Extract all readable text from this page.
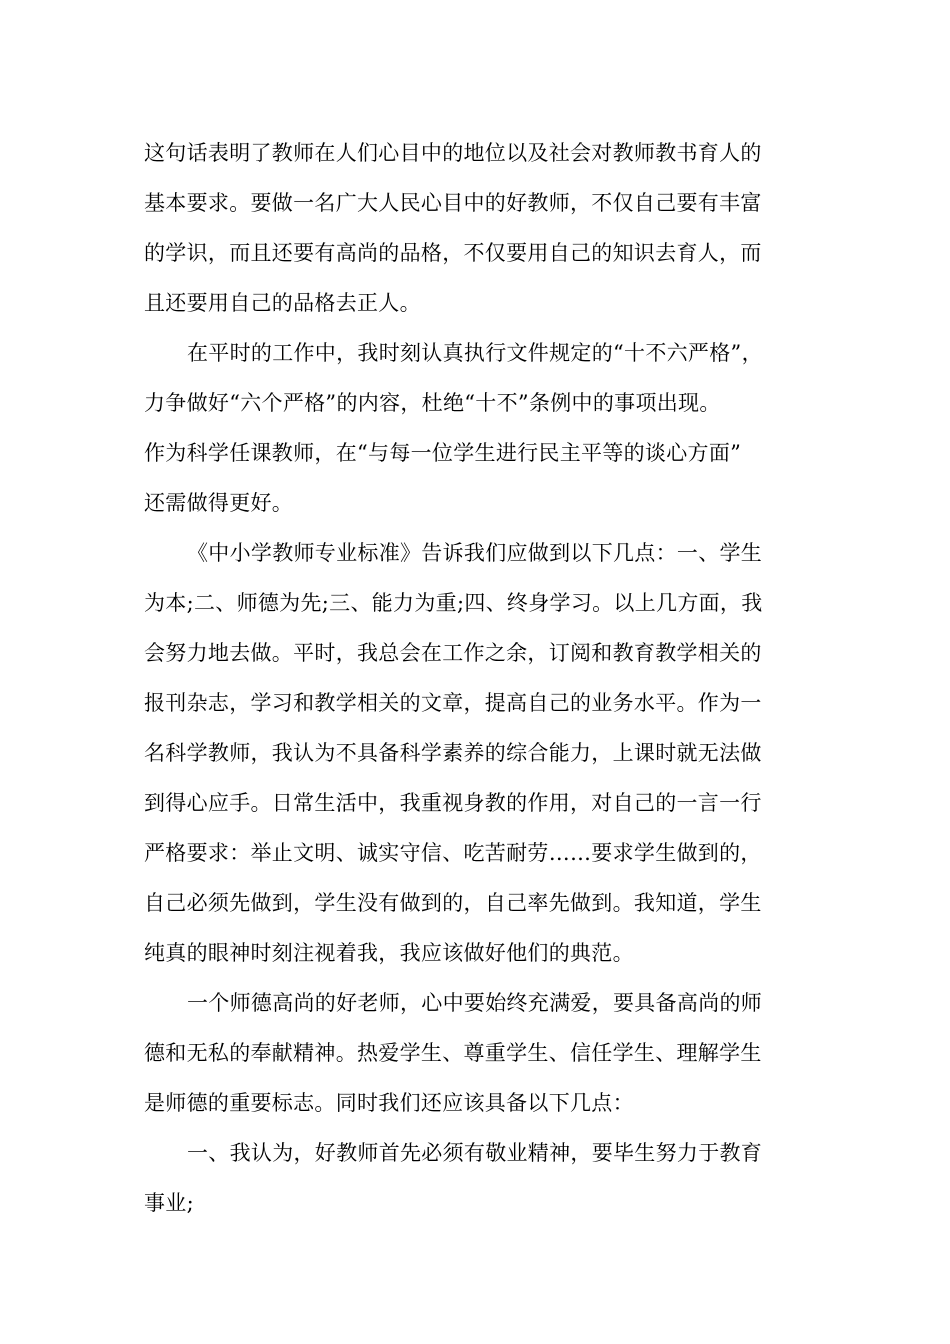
这句话表明了教师在人们心目中的地位以及社会对教师教书育人的
基本要求。要做一名广大人民心目中的好教师，不仅自己要有丰富
的学识，而且还要有高尚的品格，不仅要用自己的知识去育人，而
且还要用自己的品格去正人。
在平时的工作中，我时刻认真执行文件规定的“十不六严格”，
力争做好“六个严格”的内容，杜绝“十不”条例中的事项出现。
作为科学任课教师，在“与每一位学生进行民主平等的谈心方面”
还需做得更好。
《中小学教师专业标准》告诉我们应做到以下几点：一、学生
为本;二、师德为先;三、能力为重;四、终身学习。以上几方面，我
会努力地去做。平时，我总会在工作之余，订阅和教育教学相关的
报刊杂志，学习和教学相关的文章，提高自己的业务水平。作为一
名科学教师，我认为不具备科学素养的综合能力，上课时就无法做
到得心应手。日常生活中，我重视身教的作用，对自己的一言一行
严格要求：举止文明、诚实守信、吃苦耐劳……要求学生做到的，
自己必须先做到，学生没有做到的，自己率先做到。我知道，学生
纯真的眼神时刻注视着我，我应该做好他们的典范。
一个师德高尚的好老师，心中要始终充满爱，要具备高尚的师
德和无私的奉献精神。热爱学生、尊重学生、信任学生、理解学生
是师德的重要标志。同时我们还应该具备以下几点：
一、我认为，好教师首先必须有敬业精神，要毕生努力于教育
事业;
